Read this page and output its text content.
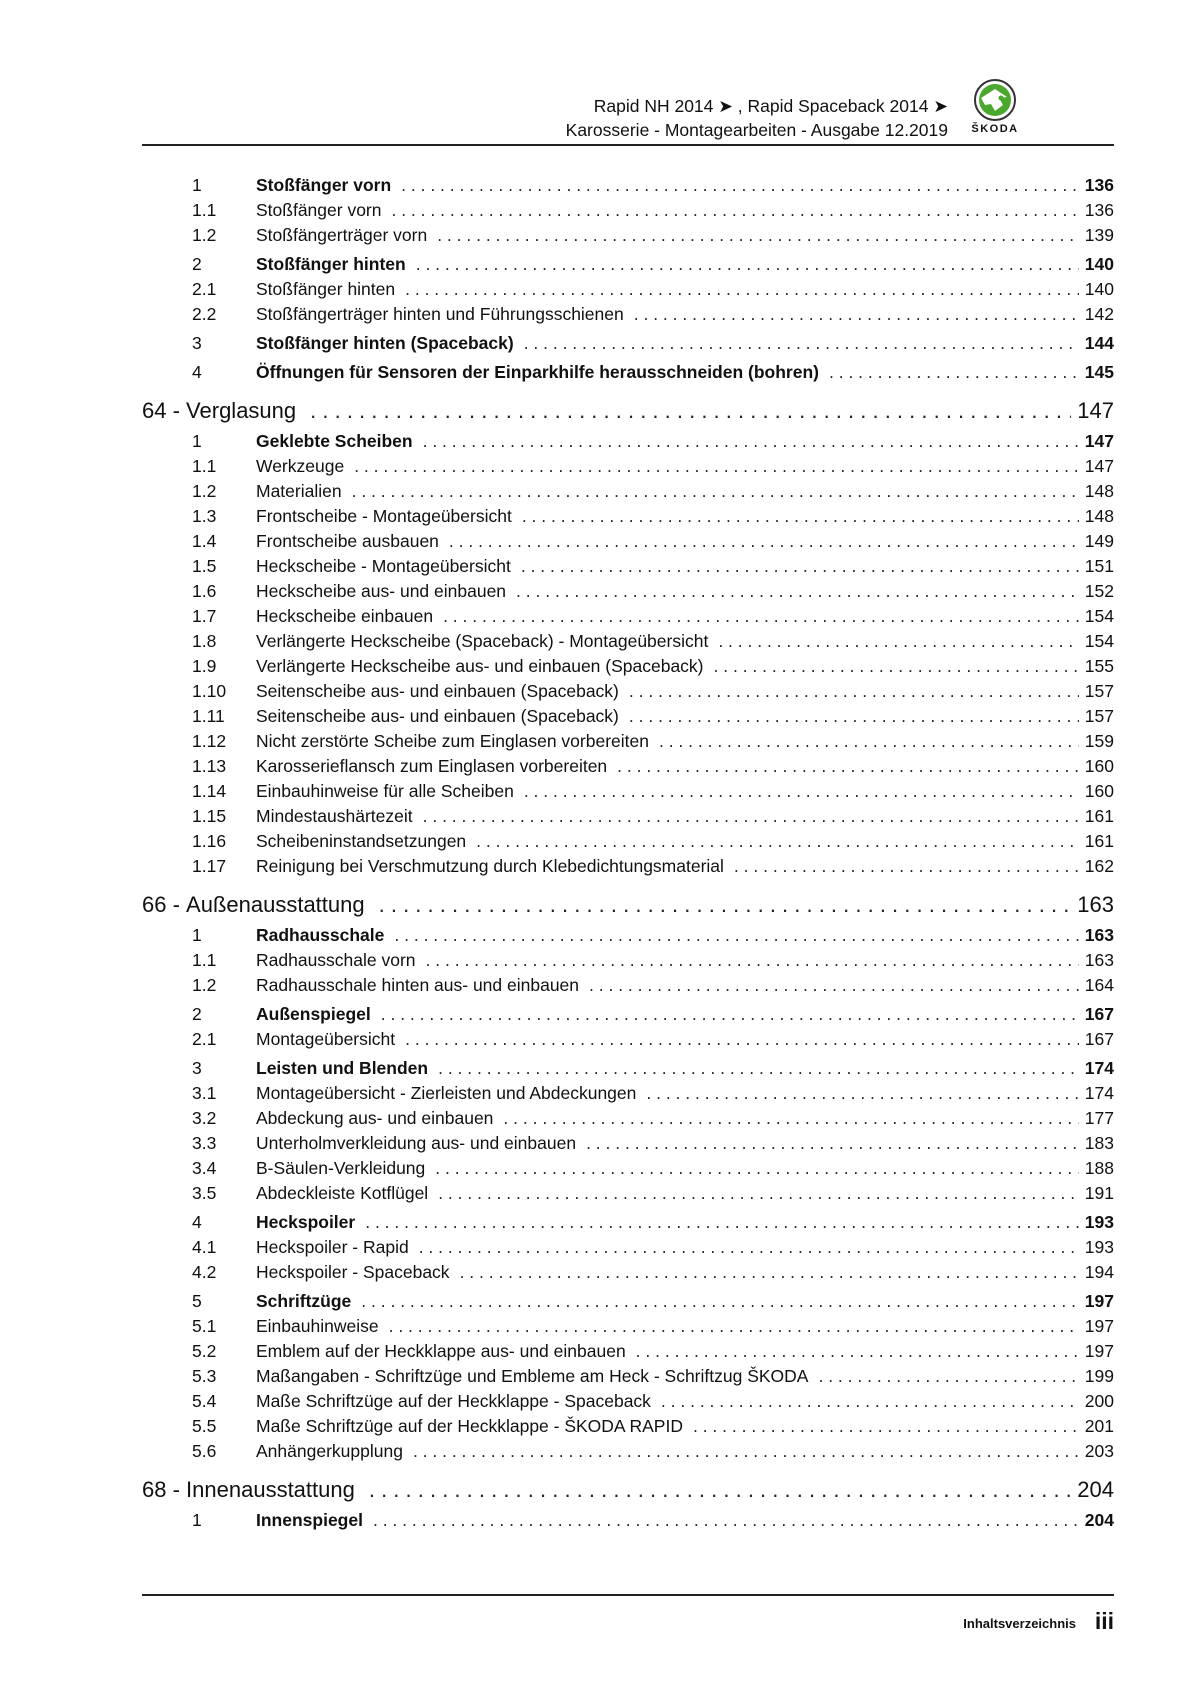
Rapid NH 2014 ➤ , Rapid Spaceback 2014 ➤
Karosserie - Montagearbeiten - Ausgabe 12.2019	ŠKODA
1	Stoßfänger vorn . . .	136
1.1	Stoßfänger vorn . . .	136
1.2	Stoßfängerträger vorn . . .	139
2	Stoßfänger hinten . . .	140
2.1	Stoßfänger hinten . . .	140
2.2	Stoßfängerträger hinten und Führungsschienen . . .	142
3	Stoßfänger hinten (Spaceback) . . .	144
4	Öffnungen für Sensoren der Einparkhilfe herausschneiden (bohren) . . .	145
64 - Verglasung . . .	147
1	Geklebte Scheiben . . .	147
1.1	Werkzeuge . . .	147
1.2	Materialien . . .	148
1.3	Frontscheibe - Montageübersicht . . .	148
1.4	Frontscheibe ausbauen . . .	149
1.5	Heckscheibe - Montageübersicht . . .	151
1.6	Heckscheibe aus- und einbauen . . .	152
1.7	Heckscheibe einbauen . . .	154
1.8	Verlängerte Heckscheibe (Spaceback) - Montageübersicht . . .	154
1.9	Verlängerte Heckscheibe aus- und einbauen (Spaceback) . . .	155
1.10	Seitenscheibe aus- und einbauen (Spaceback) . . .	157
1.11	Seitenscheibe aus- und einbauen (Spaceback) . . .	157
1.12	Nicht zerstörte Scheibe zum Einglasen vorbereiten . . .	159
1.13	Karosserieflansch zum Einglasen vorbereiten . . .	160
1.14	Einbauhinweise für alle Scheiben . . .	160
1.15	Mindestaushärtezeit . . .	161
1.16	Scheibeninstandsetzungen . . .	161
1.17	Reinigung bei Verschmutzung durch Klebedichtungsmaterial . . .	162
66 - Außenausstattung . . .	163
1	Radhausschale . . .	163
1.1	Radhausschale vorn . . .	163
1.2	Radhausschale hinten aus- und einbauen . . .	164
2	Außenspiegel . . .	167
2.1	Montageübersicht . . .	167
3	Leisten und Blenden . . .	174
3.1	Montageübersicht - Zierleisten und Abdeckungen . . .	174
3.2	Abdeckung aus- und einbauen . . .	177
3.3	Unterholmverkleidung aus- und einbauen . . .	183
3.4	B-Säulen-Verkleidung . . .	188
3.5	Abdeckleiste Kotflügel . . .	191
4	Heckspoiler . . .	193
4.1	Heckspoiler - Rapid . . .	193
4.2	Heckspoiler - Spaceback . . .	194
5	Schriftzüge . . .	197
5.1	Einbauhinweise . . .	197
5.2	Emblem auf der Heckklappe aus- und einbauen . . .	197
5.3	Maßangaben - Schriftzüge und Embleme am Heck - Schriftzug ŠKODA . . .	199
5.4	Maße Schriftzüge auf der Heckklappe - Spaceback . . .	200
5.5	Maße Schriftzüge auf der Heckklappe - ŠKODA RAPID . . .	201
5.6	Anhängerkupplung . . .	203
68 - Innenausstattung . . .	204
1	Innenspiegel . . .	204
Inhaltsverzeichnis iii
